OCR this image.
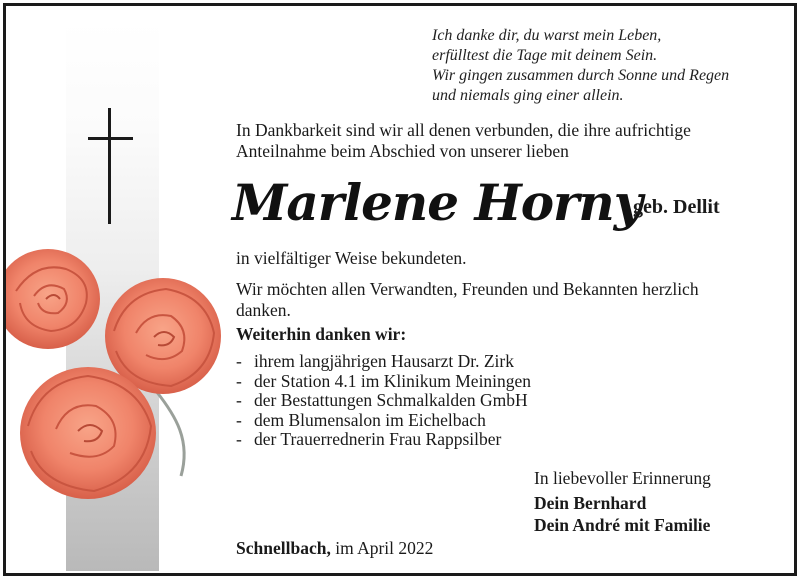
Ich danke dir, du warst mein Leben,
erfülltest die Tage mit deinem Sein.
Wir gingen zusammen durch Sonne und Regen
und niemals ging einer allein.
In Dankbarkeit sind wir all denen verbunden, die ihre aufrichtige
Anteilnahme beim Abschied von unserer lieben
Marlene Horny
geb. Dellit
in vielfältiger Weise bekundeten.
Wir möchten allen Verwandten, Freunden und Bekannten herzlich
danken.
Weiterhin danken wir:
- ihrem langjährigen Hausarzt Dr. Zirk
- der Station 4.1 im Klinikum Meiningen
- der Bestattungen Schmalkalden GmbH
- dem Blumensalon im Eichelbach
- der Trauerrednerin Frau Rappsilber
In liebevoller Erinnerung
Dein Bernhard
Dein André mit Familie
Schnellbach, im April 2022
